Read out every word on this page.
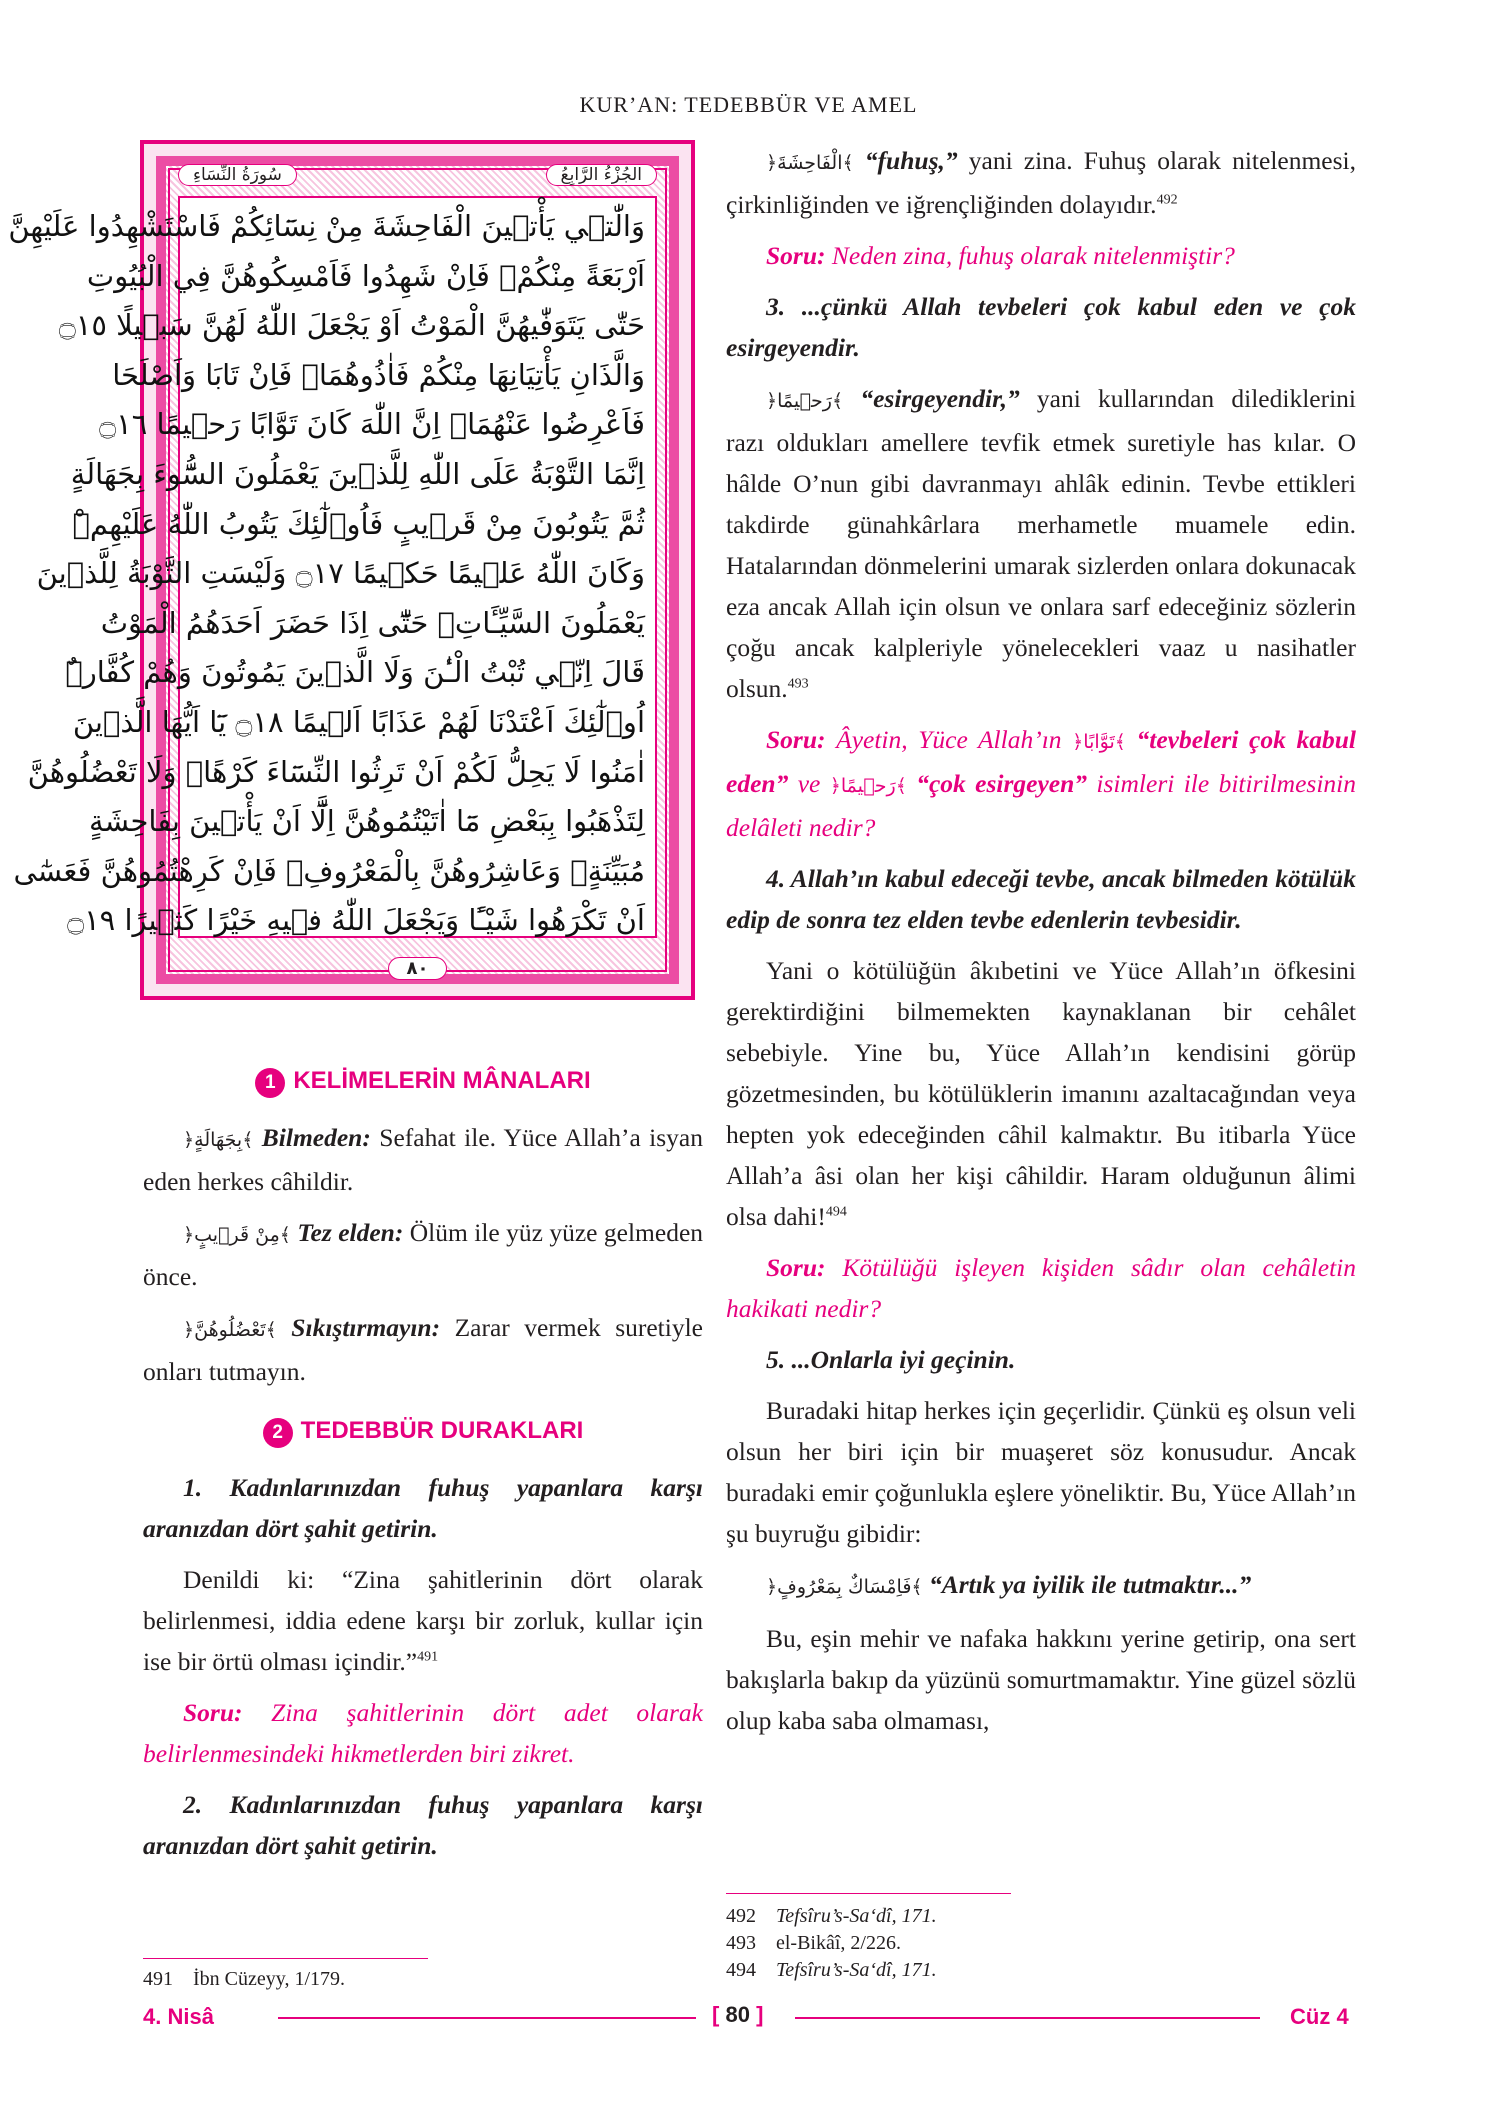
KUR’AN: TEDEBBÜR VE AMEL
سُورَةُ النِّسَاءِ	الجُزْءُ الرَّابِعُ
وَالّٰت۪ي يَأْت۪ينَ الْفَاحِشَةَ مِنْ نِسَٓائِكُمْ فَاسْتَشْهِدُوا عَلَيْهِنَّ
اَرْبَعَةً مِنْكُمْۚ فَاِنْ شَهِدُوا فَاَمْسِكُوهُنَّ فِي الْبُيُوتِ
حَتّٰى يَتَوَفّٰيهُنَّ الْمَوْتُ اَوْ يَجْعَلَ اللّٰهُ لَهُنَّ سَب۪يلًا ۝١٥
وَالَّذَانِ يَأْتِيَانِهَا مِنْكُمْ فَاٰذُوهُمَاۚ فَاِنْ تَابَا وَاَصْلَحَا
فَاَعْرِضُوا عَنْهُمَاۜ اِنَّ اللّٰهَ كَانَ تَوَّابًا رَح۪يمًا ۝١٦
اِنَّمَا التَّوْبَةُ عَلَى اللّٰهِ لِلَّذ۪ينَ يَعْمَلُونَ السُّٓوءَ بِجَهَالَةٍ
ثُمَّ يَتُوبُونَ مِنْ قَر۪يبٍ فَاُو۬لٰٓئِكَ يَتُوبُ اللّٰهُ عَلَيْهِمْۜ
وَكَانَ اللّٰهُ عَل۪يمًا حَك۪يمًا ۝١٧ وَلَيْسَتِ التَّوْبَةُ لِلَّذ۪ينَ
يَعْمَلُونَ السَّيِّـَٔاتِۚ حَتّٰٓى اِذَا حَضَرَ اَحَدَهُمُ الْمَوْتُ
قَالَ اِنّ۪ي تُبْتُ الْـٰٔنَ وَلَا الَّذ۪ينَ يَمُوتُونَ وَهُمْ كُفَّارٌۜ
اُو۬لٰٓئِكَ اَعْتَدْنَا لَهُمْ عَذَابًا اَل۪يمًا ۝١٨ يَٓا اَيُّهَا الَّذ۪ينَ
اٰمَنُوا لَا يَحِلُّ لَكُمْ اَنْ تَرِثُوا النِّسَٓاءَ كَرْهًاۜ وَلَا تَعْضُلُوهُنَّ
لِتَذْهَبُوا بِبَعْضِ مَٓا اٰتَيْتُمُوهُنَّ اِلَّٓا اَنْ يَأْت۪ينَ بِفَاحِشَةٍ
مُبَيِّنَةٍۚ وَعَاشِرُوهُنَّ بِالْمَعْرُوفِۚ فَاِنْ كَرِهْتُمُوهُنَّ فَعَسٰٓى
اَنْ تَكْرَهُوا شَيْـًٔا وَيَجْعَلَ اللّٰهُ ف۪يهِ خَيْرًا كَث۪يرًا ۝١٩
٨٠
1 KELİMELERİN MÂNALARI

﴿بِجَهَالَةٍ﴾ Bilmeden: Sefahat ile. Yüce Allah’a isyan eden herkes câhildir.

﴿مِنْ قَر۪يبٍ﴾ Tez elden: Ölüm ile yüz yüze gelmeden önce.

﴿تَعْضُلُوهُنَّ﴾ Sıkıştırmayın: Zarar vermek suretiyle onları tutmayın.

2 TEDEBBÜR DURAKLARI

1. Kadınlarınızdan fuhuş yapanlara karşı aranızdan dört şahit getirin.

Denildi ki: “Zina şahitlerinin dört olarak belirlenmesi, iddia edene karşı bir zorluk, kullar için ise bir örtü olması içindir.”$^{491}$

Soru: Zina şahitlerinin dört adet olarak belirlenmesindeki hikmetlerden biri zikret.

2. Kadınlarınızdan fuhuş yapanlara karşı aranızdan dört şahit getirin.

491 İbn Cüzeyy, 1/179.

﴿الْفَاحِشَةَ﴾ “fuhuş,” yani zina. Fuhuş olarak nitelenmesi, çirkinliğinden ve iğrençliğinden dolayıdır.$^{492}$

Soru: Neden zina, fuhuş olarak nitelenmiştir?

3. ...çünkü Allah tevbeleri çok kabul eden ve çok esirgeyendir.

﴿رَح۪يمًا﴾ “esirgeyendir,” yani kullarından dilediklerini razı oldukları amellere tevfik etmek suretiyle has kılar. O hâlde O’nun gibi davranmayı ahlâk edinin. Tevbe ettikleri takdirde günahkârlara merhametle muamele edin. Hatalarından dönmelerini umarak sizlerden onlara dokunacak eza ancak Allah için olsun ve onlara sarf edeceğiniz sözlerin çoğu ancak kalpleriyle yönelecekleri vaaz u nasihatler olsun.$^{493}$

Soru: Âyetin, Yüce Allah’ın ﴿تَوَّابًا﴾ “tevbeleri çok kabul eden” ve ﴿رَح۪يمًا﴾ “çok esirgeyen” isimleri ile bitirilmesinin delâleti nedir?

4. Allah’ın kabul edeceği tevbe, ancak bilmeden kötülük edip de sonra tez elden tevbe edenlerin tevbesidir.

Yani o kötülüğün âkıbetini ve Yüce Allah’ın öfkesini gerektirdiğini bilmemekten kaynaklanan bir cehâlet sebebiyle. Yine bu, Yüce Allah’ın kendisini görüp gözetmesinden, bu kötülüklerin imanını azaltacağından veya hepten yok edeceğinden câhil kalmaktır. Bu itibarla Yüce Allah’a âsi olan her kişi câhildir. Haram olduğunun âlimi olsa dahi!$^{494}$

Soru: Kötülüğü işleyen kişiden sâdır olan cehâletin hakikati nedir?

5. ...Onlarla iyi geçinin.

Buradaki hitap herkes için geçerlidir. Çünkü eş olsun veli olsun her biri için bir muaşeret söz konusudur. Ancak buradaki emir çoğunlukla eşlere yöneliktir. Bu, Yüce Allah’ın şu buyruğu gibidir:

﴿فَاِمْسَاكٌ بِمَعْرُوفٍ﴾ “Artık ya iyilik ile tutmaktır...”

Bu, eşin mehir ve nafaka hakkını yerine getirip, ona sert bakışlarla bakıp da yüzünü somurtmamaktır. Yine güzel sözlü olup kaba saba olmaması,

492 Tefsîru’s-Sa‘dî, 171.
493 el-Bikâî, 2/226.
494 Tefsîru’s-Sa‘dî, 171.
4. Nisâ	[ 80 ]	Cüz 4
